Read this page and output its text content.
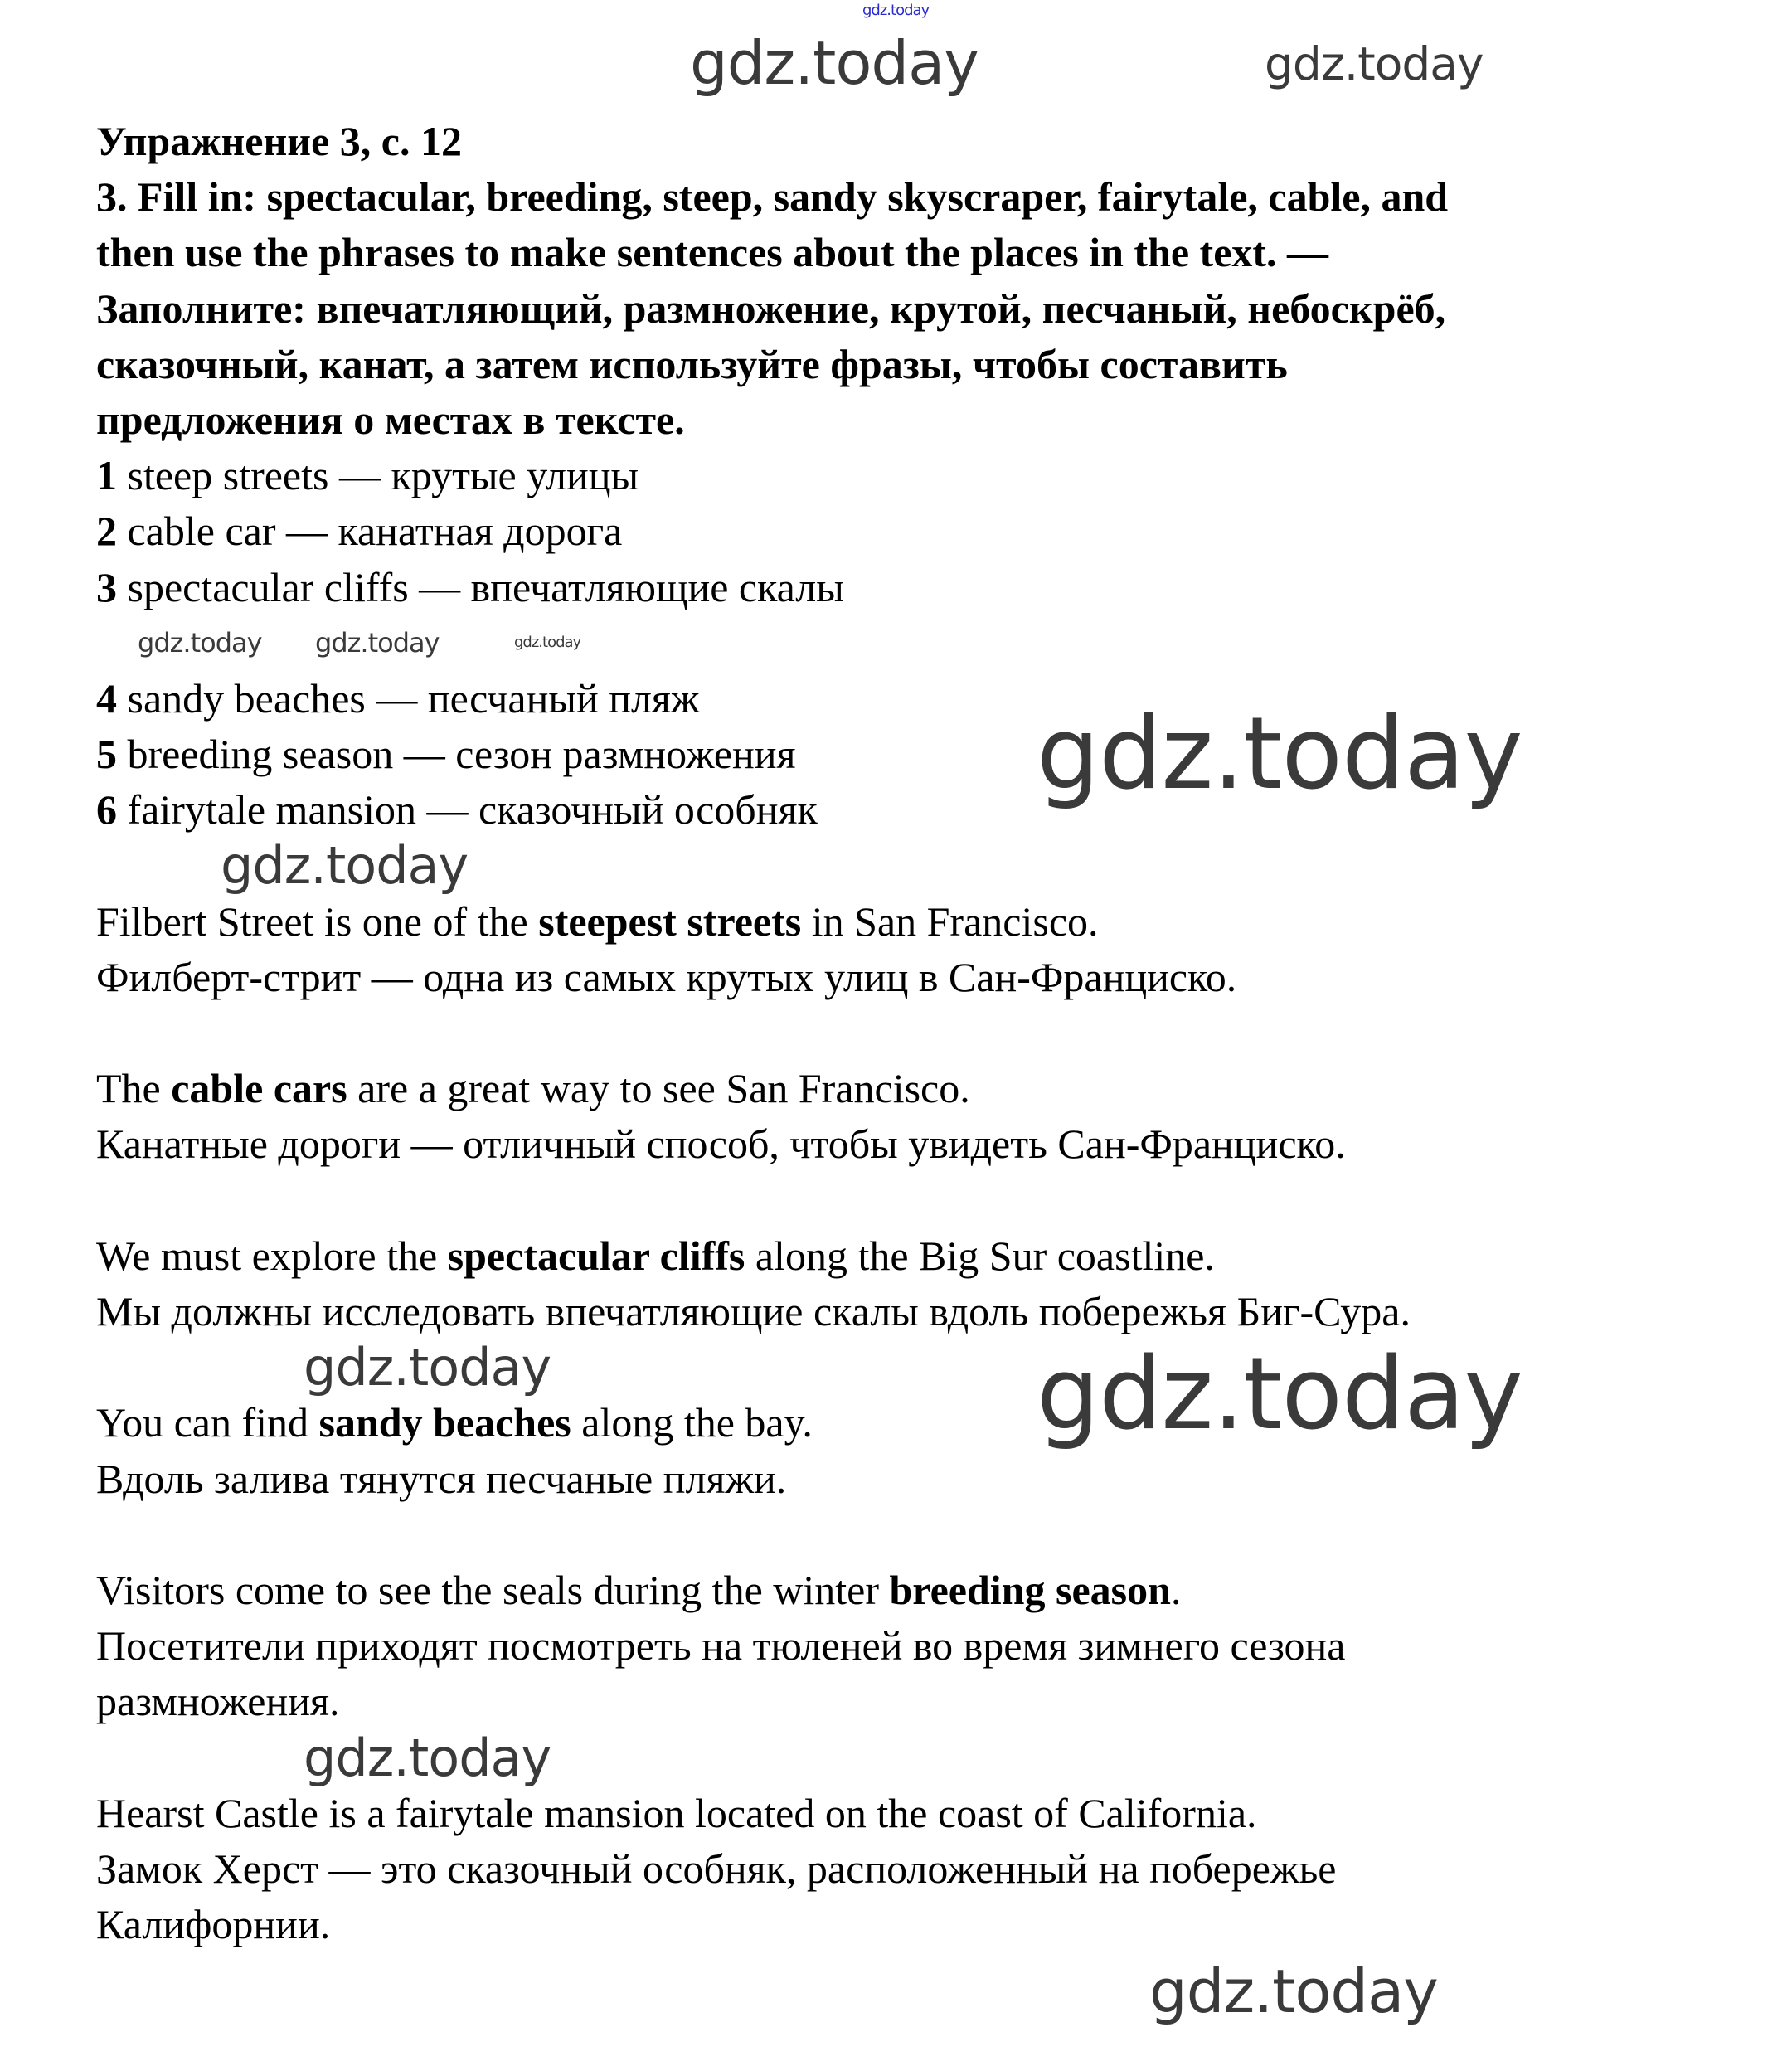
Упражнение 3, с. 12
3. Fill in: spectacular, breeding, steep, sandy skyscraper, fairytale, cable, and
then use the phrases to make sentences about the places in the text. —
Заполните: впечатляющий, размножение, крутой, песчаный, небоскрёб,
сказочный, канат, а затем используйте фразы, чтобы составить
предложения о местах в тексте.
1 steep streets — крутые улицы
2 cable car — канатная дорога
3 spectacular cliffs — впечатляющие скалы
4 sandy beaches — песчаный пляж
5 breeding season — сезон размножения
6 fairytale mansion — сказочный особняк
Filbert Street is one of the steepest streets in San Francisco.
Филберт-стрит — одна из самых крутых улиц в Сан-Франциско.
The cable cars are a great way to see San Francisco.
Канатные дороги — отличный способ, чтобы увидеть Сан-Франциско.
We must explore the spectacular cliffs along the Big Sur coastline.
Мы должны исследовать впечатляющие скалы вдоль побережья Биг-Сура.
You can find sandy beaches along the bay.
Вдоль залива тянутся песчаные пляжи.
Visitors come to see the seals during the winter breeding season.
Посетители приходят посмотреть на тюленей во время зимнего сезона
размножения.
Hearst Castle is a fairytale mansion located on the coast of California.
Замок Херст — это сказочный особняк, расположенный на побережье
Калифорнии.
gdz.today
gdz.today	gdz.today
gdz.today	gdz.today
gdz.today
gdz.today
gdz.today
gdz.today	gdz.today
gdz.today
gdz.today
